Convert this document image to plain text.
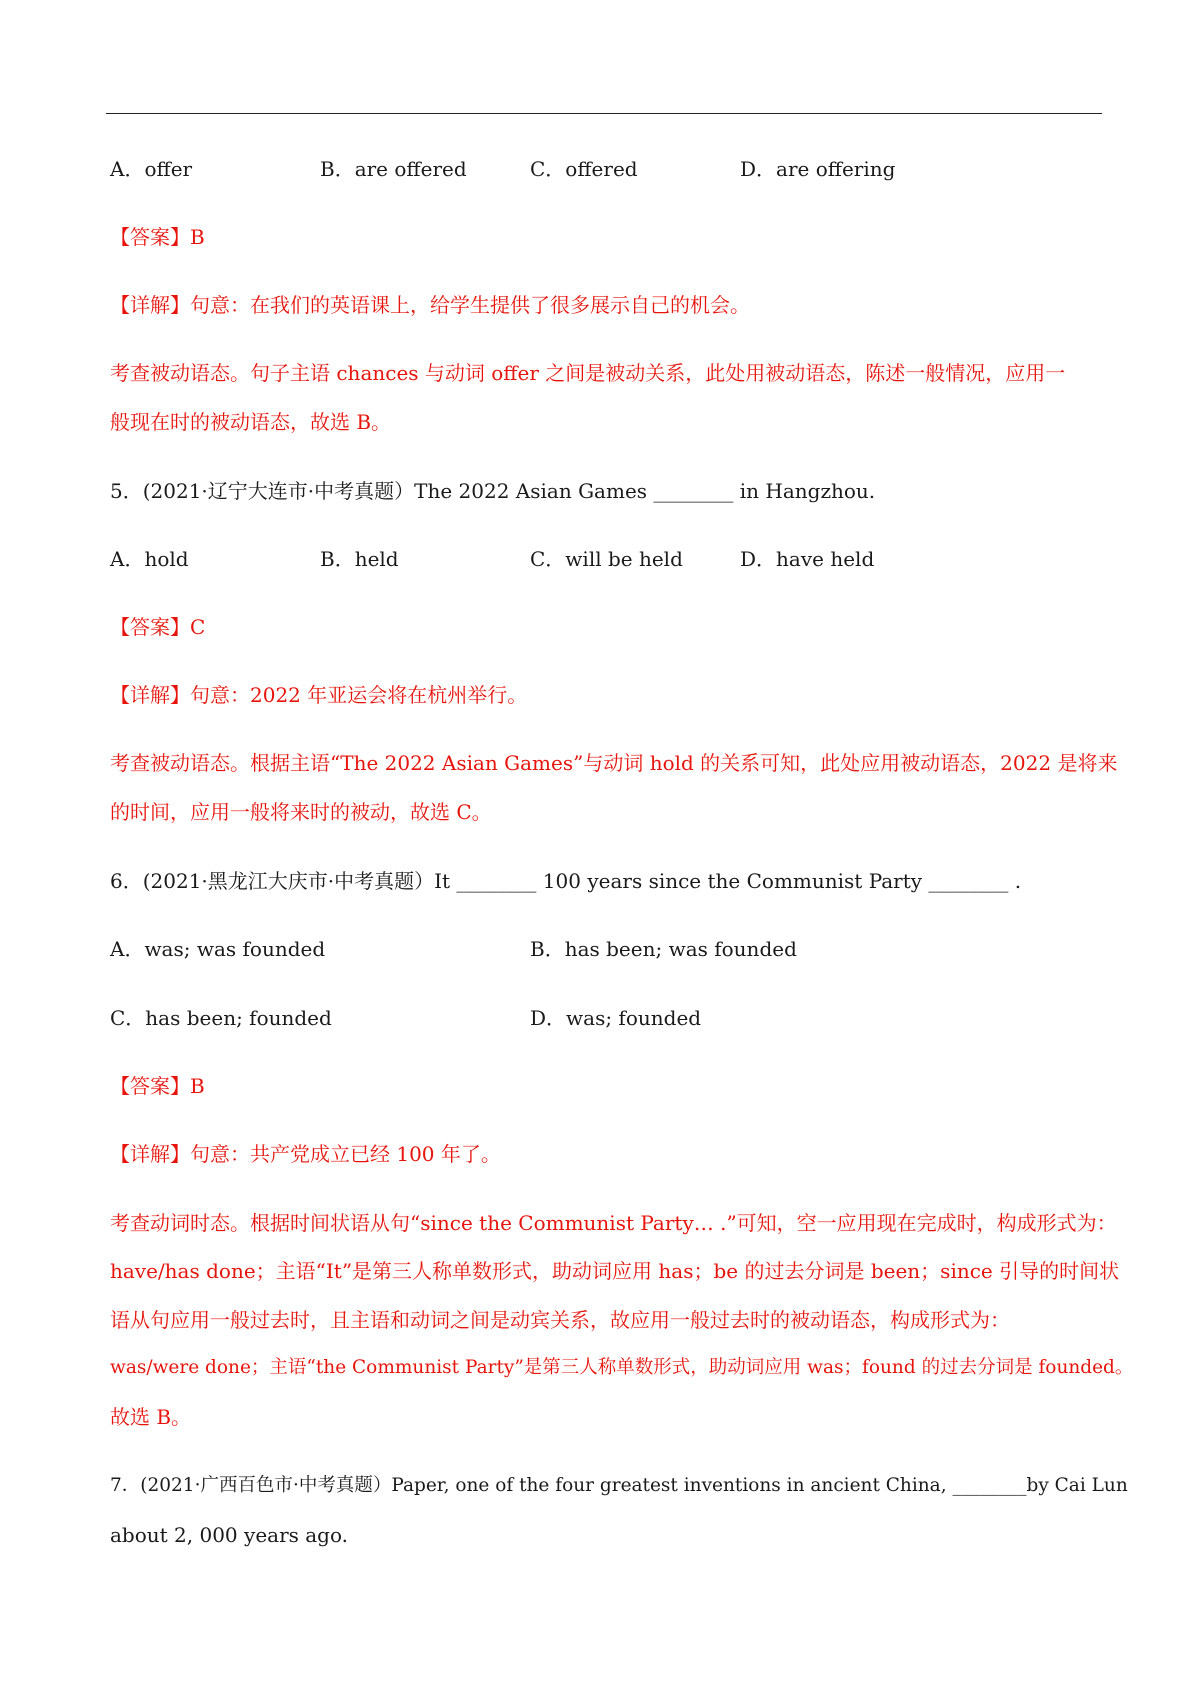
A．offer	B．are offered	C．offered	D．are offering
【答案】B
【详解】句意：在我们的英语课上，给学生提供了很多展示自己的机会。
考查被动语态。句子主语 chances 与动词 offer 之间是被动关系，此处用被动语态，陈述一般情况，应用一
般现在时的被动语态，故选 B。
5．(2021·辽宁大连市·中考真题）The 2022 Asian Games ________ in Hangzhou.
A．hold	B．held	C．will be held	D．have held
【答案】C
【详解】句意：2022 年亚运会将在杭州举行。
考查被动语态。根据主语“The 2022 Asian Games”与动词 hold 的关系可知，此处应用被动语态，2022 是将来
的时间，应用一般将来时的被动，故选 C。
6．(2021·黑龙江大庆市·中考真题）It ________ 100 years since the Communist Party ________ .
A．was; was founded	B．has been; was founded
C．has been; founded	D．was; founded
【答案】B
【详解】句意：共产党成立已经 100 年了。
考查动词时态。根据时间状语从句“since the Communist Party… .”可知，空一应用现在完成时，构成形式为：
have/has done；主语“It”是第三人称单数形式，助动词应用 has；be 的过去分词是 been；since 引导的时间状
语从句应用一般过去时，且主语和动词之间是动宾关系，故应用一般过去时的被动语态，构成形式为：
was/were done；主语“the Communist Party”是第三人称单数形式，助动词应用 was；found 的过去分词是 founded。
故选 B。
7．(2021·广西百色市·中考真题）Paper, one of the four greatest inventions in ancient China, ________by Cai Lun
about 2, 000 years ago.
